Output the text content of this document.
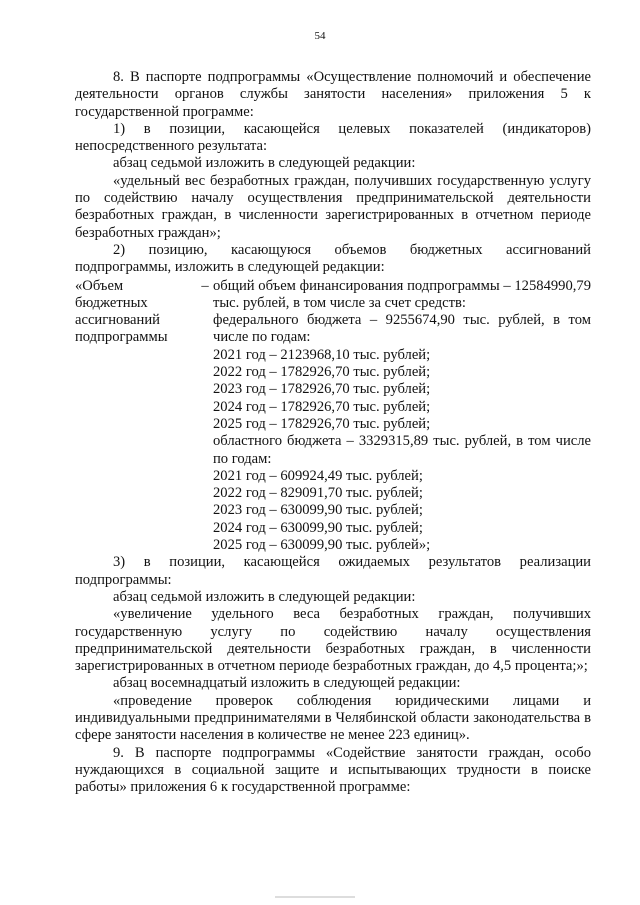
54

8. В паспорте подпрограммы «Осуществление полномочий и обеспечение деятельности органов службы занятости населения» приложения 5 к государственной программе:

1) в позиции, касающейся целевых показателей (индикаторов) непосредственного результата:

абзац седьмой изложить в следующей редакции:

«удельный вес безработных граждан, получивших государственную услугу по содействию началу осуществления предпринимательской деятельности безработных граждан, в численности зарегистрированных в отчетном периоде безработных граждан»;

2) позицию, касающуюся объемов бюджетных ассигнований подпрограммы, изложить в следующей редакции:

«Объем
бюджетных
ассигнований
подпрограммы
– общий объем финансирования подпрограммы – 12584990,79 тыс. рублей, в том числе за счет средств:

федерального бюджета – 9255674,90 тыс. рублей, в том числе по годам:

2021 год – 2123968,10 тыс. рублей;
2022 год – 1782926,70 тыс. рублей;
2023 год – 1782926,70 тыс. рублей;
2024 год – 1782926,70 тыс. рублей;
2025 год – 1782926,70 тыс. рублей;

областного бюджета – 3329315,89 тыс. рублей, в том числе по годам:

2021 год – 609924,49 тыс. рублей;
2022 год – 829091,70 тыс. рублей;
2023 год – 630099,90 тыс. рублей;
2024 год – 630099,90 тыс. рублей;
2025 год – 630099,90 тыс. рублей»;

3) в позиции, касающейся ожидаемых результатов реализации подпрограммы:

абзац седьмой изложить в следующей редакции:

«увеличение удельного веса безработных граждан, получивших государственную услугу по содействию началу осуществления предпринимательской деятельности безработных граждан, в численности зарегистрированных в отчетном периоде безработных граждан, до 4,5 процента;»;

абзац восемнадцатый изложить в следующей редакции:

«проведение проверок соблюдения юридическими лицами и индивидуальными предпринимателями в Челябинской области законодательства в сфере занятости населения в количестве не менее 223 единиц».

9. В паспорте подпрограммы «Содействие занятости граждан, особо нуждающихся в социальной защите и испытывающих трудности в поиске работы» приложения 6 к государственной программе:
